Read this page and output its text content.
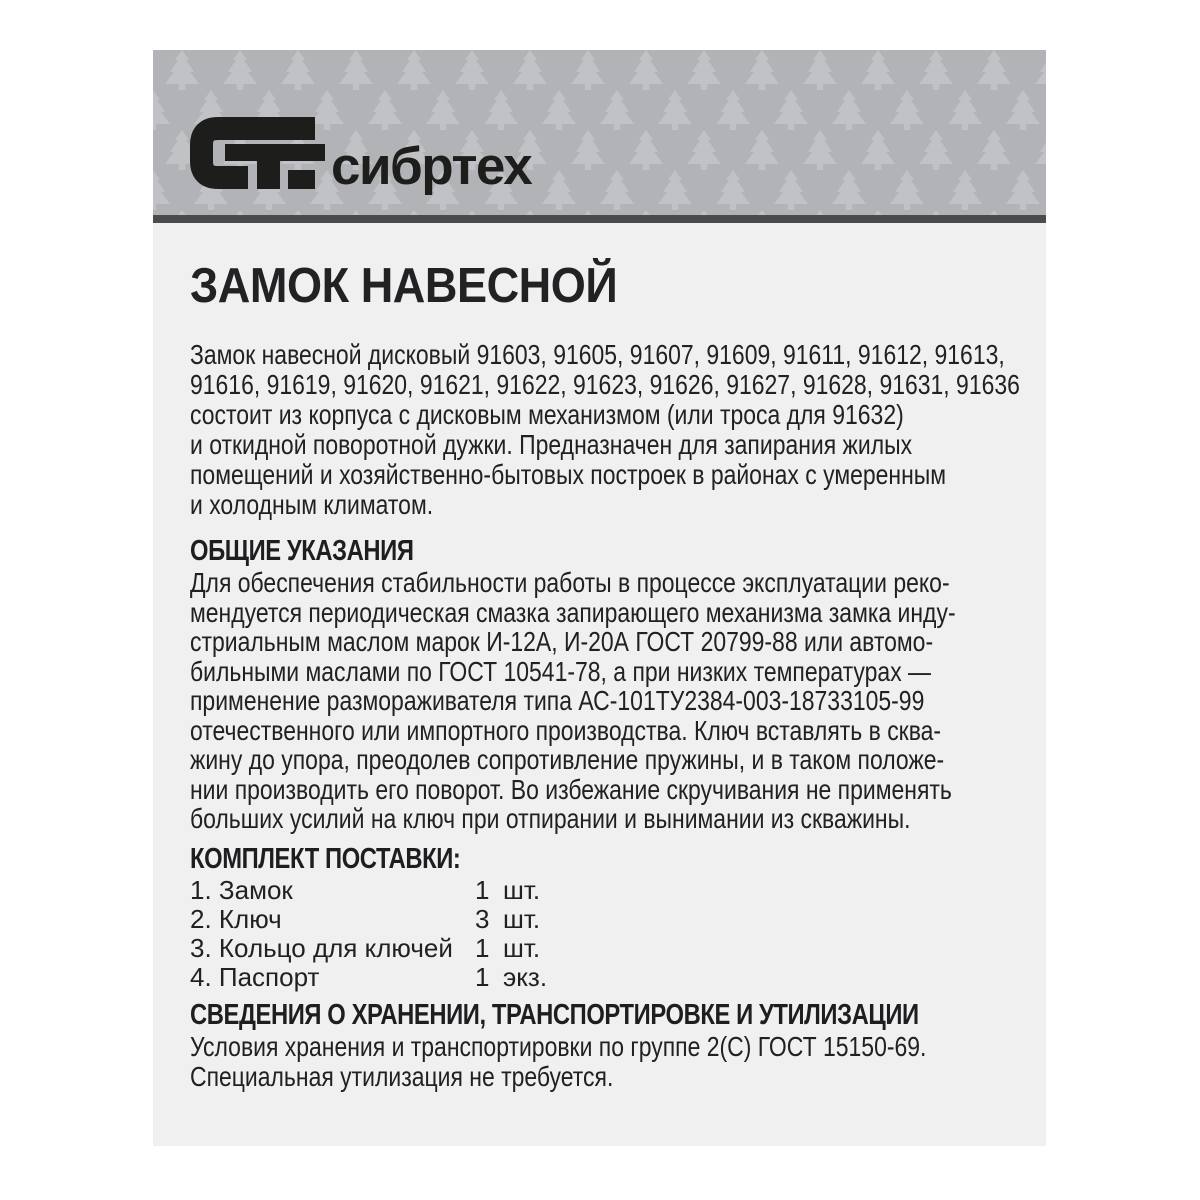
сибртех
ЗАМОК НАВЕСНОЙ
Замок навесной дисковый 91603, 91605, 91607, 91609, 91611, 91612, 91613,
91616, 91619, 91620, 91621, 91622, 91623, 91626, 91627, 91628, 91631, 91636
состоит из корпуса с дисковым механизмом (или троса для 91632)
и откидной поворотной дужки. Предназначен для запирания жилых
помещений и хозяйственно-бытовых построек в районах с умеренным
и холодным климатом.
ОБЩИЕ УКАЗАНИЯ
Для обеспечения стабильности работы в процессе эксплуатации реко-
мендуется периодическая смазка запирающего механизма замка инду-
стриальным маслом марок И-12А, И-20А ГОСТ 20799-88 или автомо-
бильными маслами по ГОСТ 10541-78, а при низких температурах —
применение размораживателя типа АС-101ТУ2384-003-18733105-99
отечественного или импортного производства. Ключ вставлять в сква-
жину до упора, преодолев сопротивление пружины, и в таком положе-
нии производить его поворот. Во избежание скручивания не применять
больших усилий на ключ при отпирании и вынимании из скважины.
КОМПЛЕКТ ПОСТАВКИ:
1. Замок	1 шт.
2. Ключ	3 шт.
3. Кольцо для ключей 1 шт.
4. Паспорт	1 экз.
СВЕДЕНИЯ О ХРАНЕНИИ, ТРАНСПОРТИРОВКЕ И УТИЛИЗАЦИИ
Условия хранения и транспортировки по группе 2(С) ГОСТ 15150-69.
Специальная утилизация не требуется.
